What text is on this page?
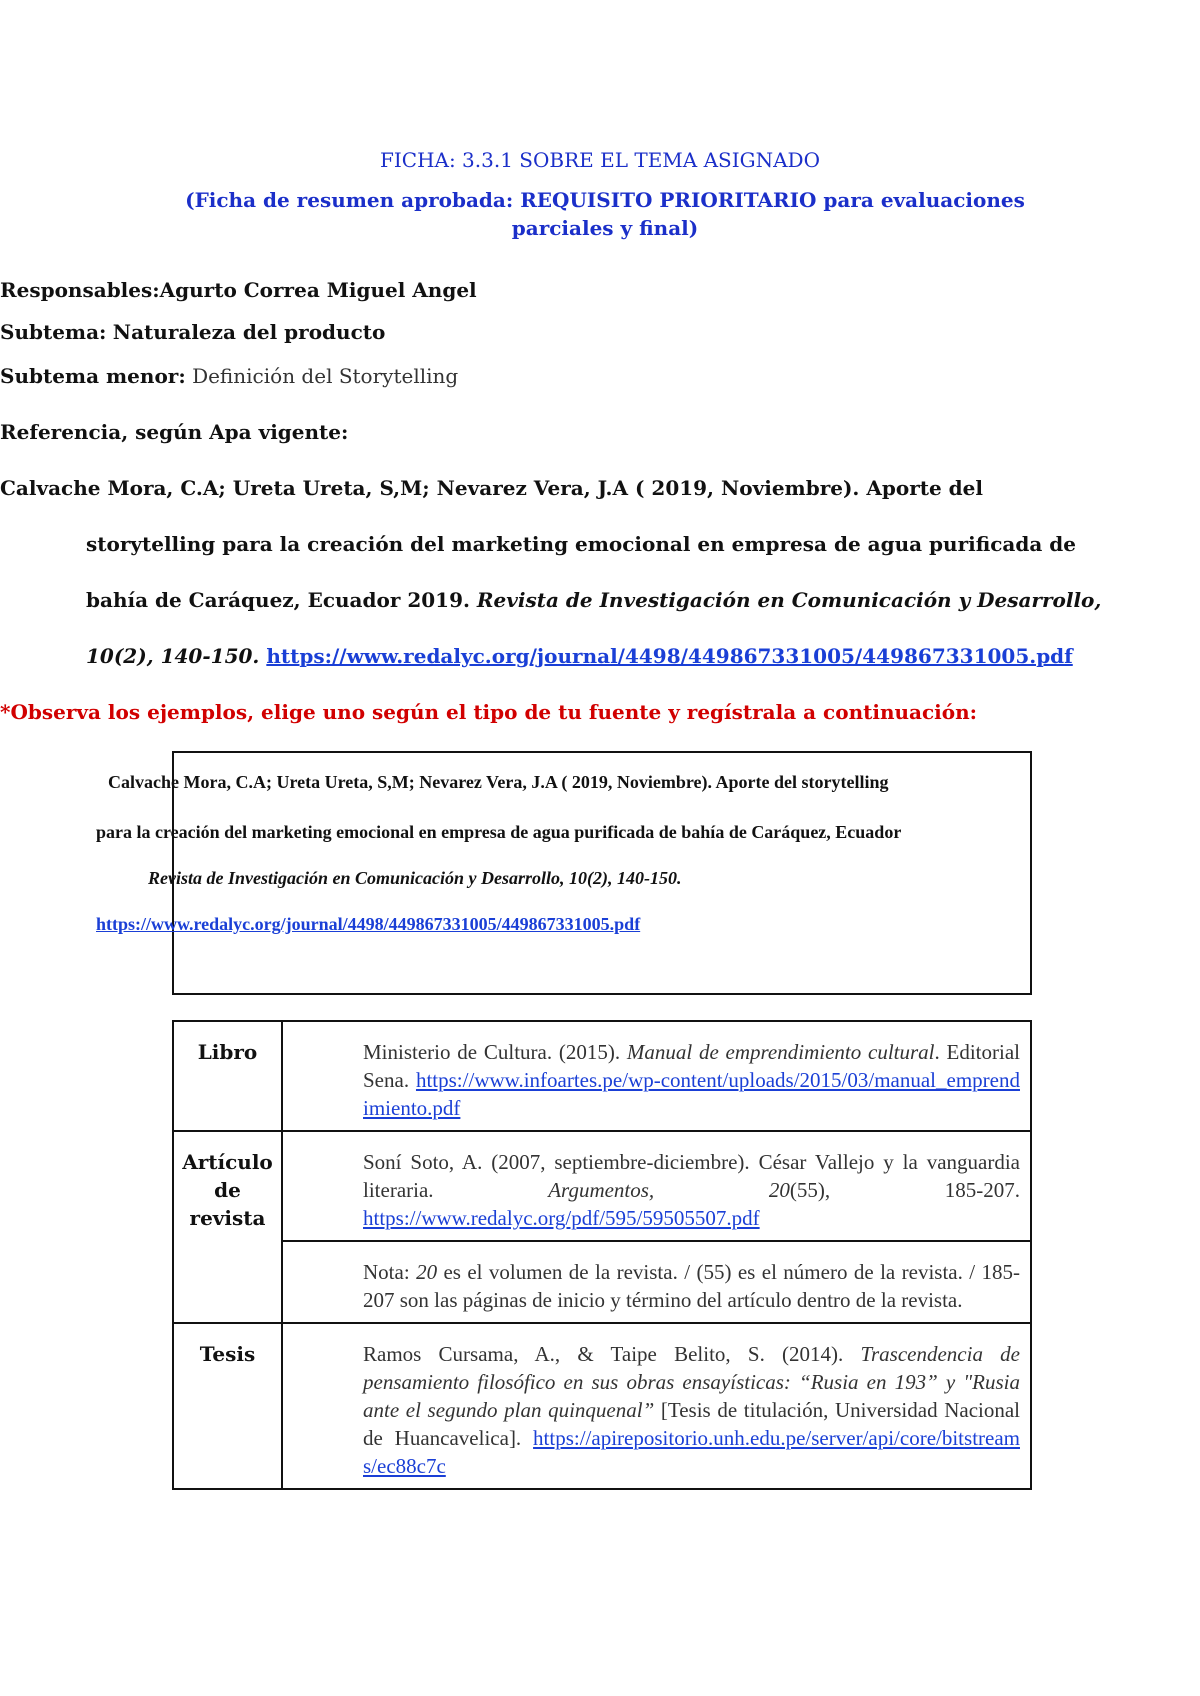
FICHA: 3.3.1 SOBRE EL TEMA ASIGNADO
(Ficha de resumen aprobada: REQUISITO PRIORITARIO para evaluaciones parciales y final)
Responsables:Agurto Correa Miguel Angel
Subtema: Naturaleza del producto
Subtema menor: Definición del Storytelling
Referencia, según Apa vigente:
Calvache Mora, C.A; Ureta Ureta, S,M; Nevarez Vera, J.A ( 2019, Noviembre). Aporte del
storytelling para la creación del marketing emocional en empresa de agua purificada de
bahía de Caráquez, Ecuador 2019. Revista de Investigación en Comunicación y Desarrollo,
10(2), 140-150. https://www.redalyc.org/journal/4498/449867331005/449867331005.pdf
*Observa los ejemplos, elige uno según el tipo de tu fuente y regístrala a continuación:
Calvache Mora, C.A; Ureta Ureta, S,M; Nevarez Vera, J.A ( 2019, Noviembre). Aporte del storytelling
para la creación del marketing emocional en empresa de agua purificada de bahía de Caráquez, Ecuador
Revista de Investigación en Comunicación y Desarrollo, 10(2), 140-150.
https://www.redalyc.org/journal/4498/449867331005/449867331005.pdf
Libro	Ministerio de Cultura. (2015). Manual de emprendimiento cultural. Editorial Sena. https://www.infoartes.pe/wp-content/uploads/2015/03/manual_emprendimiento.pdf
Artículo de revista	Soní Soto, A. (2007, septiembre-diciembre). César Vallejo y la vanguardia literaria. Argumentos, 20(55), 185-207. https://www.redalyc.org/pdf/595/59505507.pdf
	Nota: 20 es el volumen de la revista. / (55) es el número de la revista. / 185-207 son las páginas de inicio y término del artículo dentro de la revista.
Tesis	Ramos Cursama, A., & Taipe Belito, S. (2014). Trascendencia de pensamiento filosófico en sus obras ensayísticas: “Rusia en 193” y "Rusia ante el segundo plan quinquenal” [Tesis de titulación, Universidad Nacional de Huancavelica]. https://apirepositorio.unh.edu.pe/server/api/core/bitstreams/ec88c7c
